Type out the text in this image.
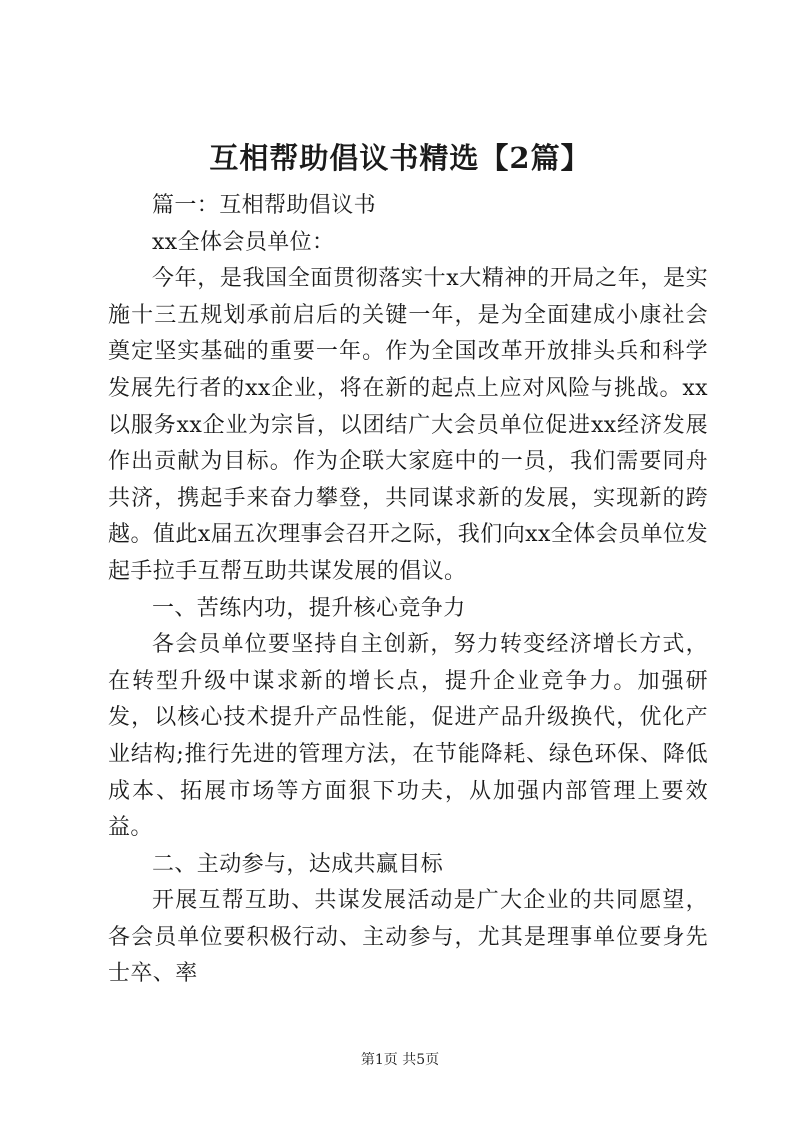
互相帮助倡议书精选【2篇】

篇一：互相帮助倡议书

xx全体会员单位：

今年，是我国全面贯彻落实十x大精神的开局之年，是实施十三五规划承前启后的关键一年，是为全面建成小康社会奠定坚实基础的重要一年。作为全国改革开放排头兵和科学发展先行者的xx企业，将在新的起点上应对风险与挑战。xx以服务xx企业为宗旨，以团结广大会员单位促进xx经济发展作出贡献为目标。作为企联大家庭中的一员，我们需要同舟共济，携起手来奋力攀登，共同谋求新的发展，实现新的跨越。值此x届五次理事会召开之际，我们向xx全体会员单位发起手拉手互帮互助共谋发展的倡议。

一、苦练内功，提升核心竞争力

各会员单位要坚持自主创新，努力转变经济增长方式，在转型升级中谋求新的增长点，提升企业竞争力。加强研发，以核心技术提升产品性能，促进产品升级换代，优化产业结构;推行先进的管理方法，在节能降耗、绿色环保、降低成本、拓展市场等方面狠下功夫，从加强内部管理上要效益。

二、主动参与，达成共赢目标

开展互帮互助、共谋发展活动是广大企业的共同愿望，各会员单位要积极行动、主动参与，尤其是理事单位要身先士卒、率

第1页 共5页
